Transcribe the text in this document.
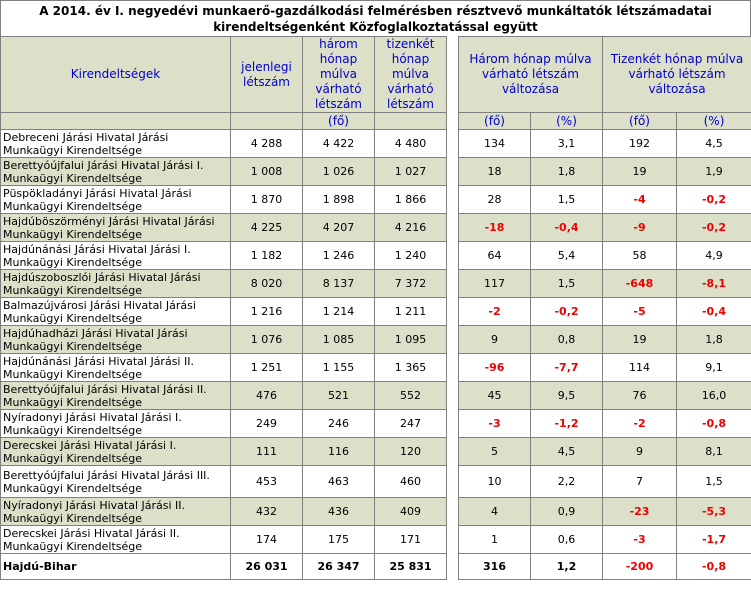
A 2014. év I. negyedévi munkaerő-gazdálkodási felmérésben résztvevő munkáltatók létszámadatai
kirendeltségenként Közfoglalkoztatással együtt
Kirendeltségek	jelenlegi létszám	három hónap múlva várható létszám	tizenkét hónap múlva várható létszám		Három hónap múlva várható létszám változása		Tizenkét hónap múlva várható létszám változása	
		(fő)			(fő)	(%)	(fő)	(%)
Debreceni Járási Hivatal Járási Munkaügyi Kirendeltsége	4 288	4 422	4 480		134	3,1	192	4,5
Berettyóújfalui Járási Hivatal Járási I. Munkaügyi Kirendeltsége	1 008	1 026	1 027		18	1,8	19	1,9
Püspökladányi Járási Hivatal Járási Munkaügyi Kirendeltsége	1 870	1 898	1 866		28	1,5	-4	-0,2
Hajdúböszörményi Járási Hivatal Járási Munkaügyi Kirendeltsége	4 225	4 207	4 216		-18	-0,4	-9	-0,2
Hajdúnánási Járási Hivatal Járási I. Munkaügyi Kirendeltsége	1 182	1 246	1 240		64	5,4	58	4,9
Hajdúszoboszlói Járási Hivatal Járási Munkaügyi Kirendeltsége	8 020	8 137	7 372		117	1,5	-648	-8,1
Balmazújvárosi Járási Hivatal Járási Munkaügyi Kirendeltsége	1 216	1 214	1 211		-2	-0,2	-5	-0,4
Hajdúhadházi Járási Hivatal Járási Munkaügyi Kirendeltsége	1 076	1 085	1 095		9	0,8	19	1,8
Hajdúnánási Járási Hivatal Járási II. Munkaügyi Kirendeltsége	1 251	1 155	1 365		-96	-7,7	114	9,1
Berettyóújfalui Járási Hivatal Járási II. Munkaügyi Kirendeltsége	476	521	552		45	9,5	76	16,0
Nyíradonyi Járási Hivatal Járási I. Munkaügyi Kirendeltsége	249	246	247		-3	-1,2	-2	-0,8
Derecskei Járási Hivatal Járási I. Munkaügyi Kirendeltsége	111	116	120		5	4,5	9	8,1
Berettyóújfalui Járási Hivatal Járási III. Munkaügyi Kirendeltsége	453	463	460		10	2,2	7	1,5
Nyíradonyi Járási Hivatal Járási II. Munkaügyi Kirendeltsége	432	436	409		4	0,9	-23	-5,3
Derecskei Járási Hivatal Járási II. Munkaügyi Kirendeltsége	174	175	171		1	0,6	-3	-1,7
Hajdú-Bihar	26 031	26 347	25 831		316	1,2	-200	-0,8
